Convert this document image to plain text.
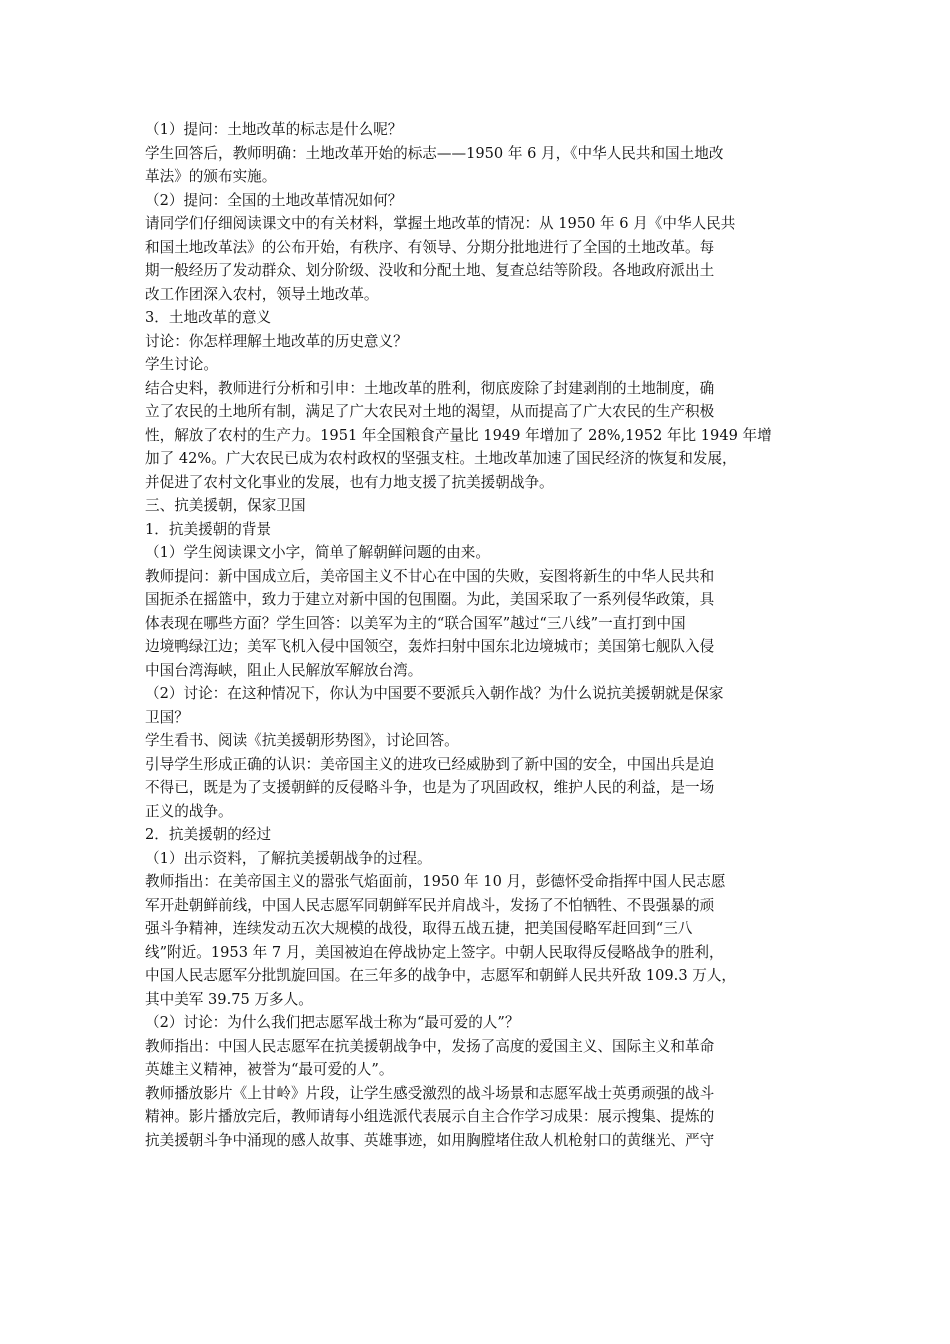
（1）提问：土地改革的标志是什么呢？
学生回答后，教师明确：土地改革开始的标志——1950 年 6 月，《中华人民共和国土地改
革法》的颁布实施。
（2）提问：全国的土地改革情况如何？
请同学们仔细阅读课文中的有关材料，掌握土地改革的情况：从 1950 年 6 月《中华人民共
和国土地改革法》的公布开始，有秩序、有领导、分期分批地进行了全国的土地改革。每
期一般经历了发动群众、划分阶级、没收和分配土地、复查总结等阶段。各地政府派出土
改工作团深入农村，领导土地改革。
3．土地改革的意义
讨论：你怎样理解土地改革的历史意义？
学生讨论。
结合史料，教师进行分析和引申：土地改革的胜利，彻底废除了封建剥削的土地制度，确
立了农民的土地所有制，满足了广大农民对土地的渴望，从而提高了广大农民的生产积极
性，解放了农村的生产力。1951 年全国粮食产量比 1949 年增加了 28%,1952 年比 1949 年增
加了 42%。广大农民已成为农村政权的坚强支柱。土地改革加速了国民经济的恢复和发展，
并促进了农村文化事业的发展，也有力地支援了抗美援朝战争。
三、抗美援朝，保家卫国
1．抗美援朝的背景
（1）学生阅读课文小字，简单了解朝鲜问题的由来。
教师提问：新中国成立后，美帝国主义不甘心在中国的失败，妄图将新生的中华人民共和
国扼杀在摇篮中，致力于建立对新中国的包围圈。为此，美国采取了一系列侵华政策，具
体表现在哪些方面？学生回答：以美军为主的“联合国军”越过“三八线”一直打到中国
边境鸭绿江边；美军飞机入侵中国领空，轰炸扫射中国东北边境城市；美国第七舰队入侵
中国台湾海峡，阻止人民解放军解放台湾。
（2）讨论：在这种情况下，你认为中国要不要派兵入朝作战？为什么说抗美援朝就是保家
卫国？
学生看书、阅读《抗美援朝形势图》，讨论回答。
引导学生形成正确的认识：美帝国主义的进攻已经威胁到了新中国的安全，中国出兵是迫
不得已，既是为了支援朝鲜的反侵略斗争，也是为了巩固政权，维护人民的利益，是一场
正义的战争。
2．抗美援朝的经过
（1）出示资料，了解抗美援朝战争的过程。
教师指出：在美帝国主义的嚣张气焰面前，1950 年 10 月，彭德怀受命指挥中国人民志愿
军开赴朝鲜前线，中国人民志愿军同朝鲜军民并肩战斗，发扬了不怕牺牲、不畏强暴的顽
强斗争精神，连续发动五次大规模的战役，取得五战五捷，把美国侵略军赶回到“三八
线”附近。1953 年 7 月，美国被迫在停战协定上签字。中朝人民取得反侵略战争的胜利，
中国人民志愿军分批凯旋回国。在三年多的战争中，志愿军和朝鲜人民共歼敌 109.3 万人，
其中美军 39.75 万多人。
（2）讨论：为什么我们把志愿军战士称为“最可爱的人”？
教师指出：中国人民志愿军在抗美援朝战争中，发扬了高度的爱国主义、国际主义和革命
英雄主义精神，被誉为“最可爱的人”。
教师播放影片《上甘岭》片段，让学生感受激烈的战斗场景和志愿军战士英勇顽强的战斗
精神。影片播放完后，教师请每小组选派代表展示自主合作学习成果：展示搜集、提炼的
抗美援朝斗争中涌现的感人故事、英雄事迹，如用胸膛堵住敌人机枪射口的黄继光、严守
